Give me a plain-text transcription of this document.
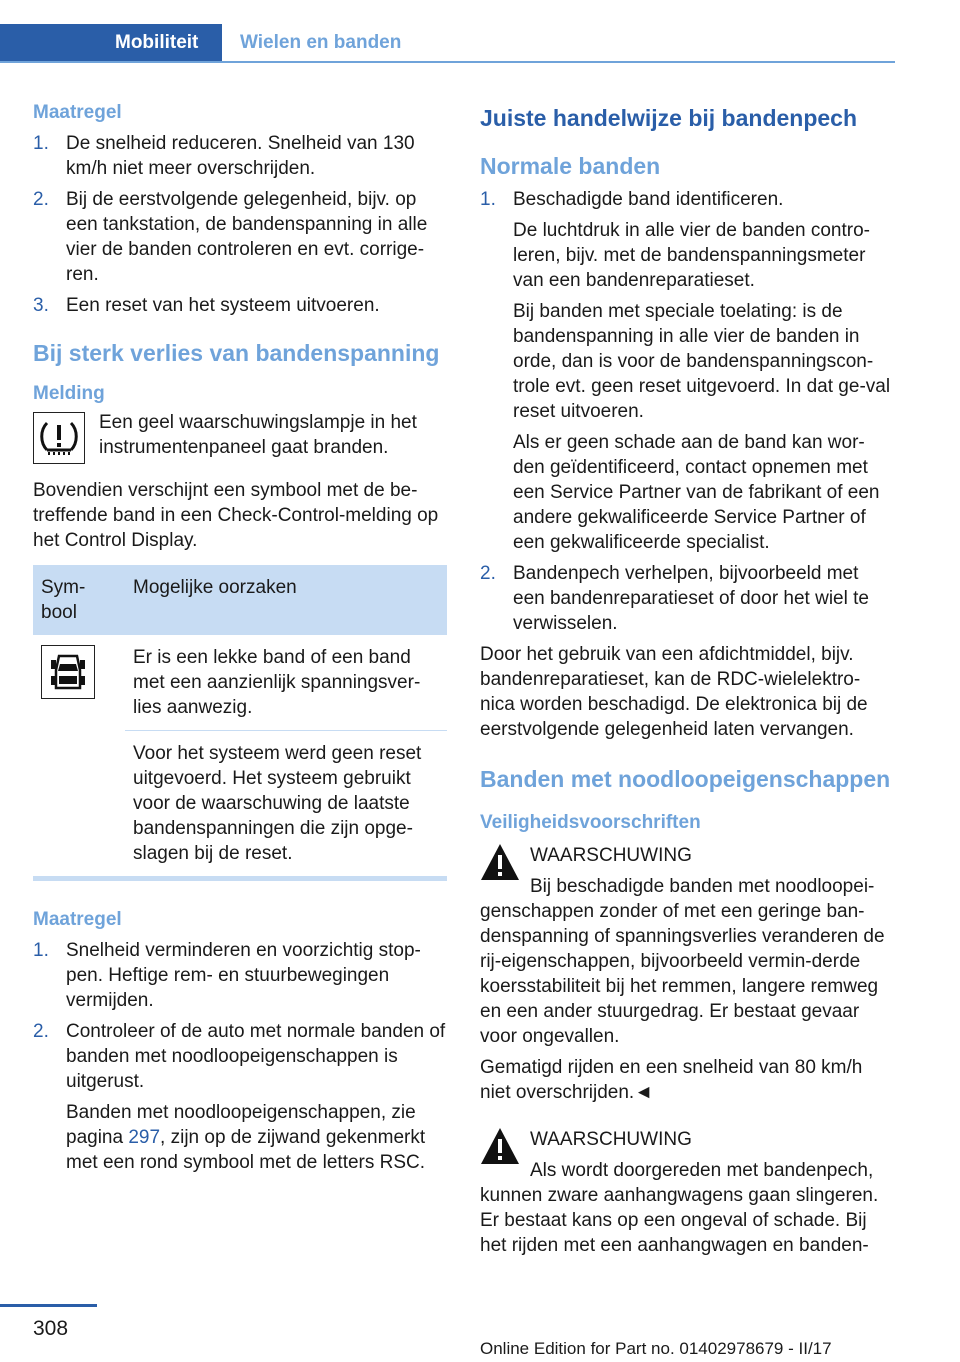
Mobiliteit	Wielen en banden
Maatregel
1. De snelheid reduceren. Snelheid van 130 km/h niet meer overschrijden.

2. Bij de eerstvolgende gelegenheid, bijv. op een tankstation, de bandenspanning in alle vier de banden controleren en evt. corrige-ren.

3. Een reset van het systeem uitvoeren.

Bij sterk verlies van bandenspanning
Melding

Een geel waarschuwingslampje in het instrumentenpaneel gaat branden.

Bovendien verschijnt een symbool met de be-treffende band in een Check-Control-melding op het Control Display.

Sym-bool	Mogelijke oorzaken

	Er is een lekke band of een band met een aanzienlijk spanningsver-lies aanwezig.
	Voor het systeem werd geen reset uitgevoerd. Het systeem gebruikt voor de waarschuwing de laatste bandenspanningen die zijn opge-slagen bij de reset.
Maatregel
1. Snelheid verminderen en voorzichtig stop-pen. Heftige rem- en stuurbewegingen vermijden.

2. Controleer of de auto met normale banden of banden met noodloopeigenschappen is uitgerust.

Banden met noodloopeigenschappen, zie pagina 297, zijn op de zijwand gekenmerkt met een rond symbool met de letters RSC.

Juiste handelwijze bij bandenpech
Normale banden
1. Beschadigde band identificeren.

De luchtdruk in alle vier de banden contro-leren, bijv. met de bandenspanningsmeter van een bandenreparatieset.

Bij banden met speciale toelating: is de bandenspanning in alle vier de banden in orde, dan is voor de bandenspanningscon-trole evt. geen reset uitgevoerd. In dat ge-val reset uitvoeren.

Als er geen schade aan de band kan wor-den geïdentificeerd, contact opnemen met een Service Partner van de fabrikant of een andere gekwalificeerde Service Partner of een gekwalificeerde specialist.

2. Bandenpech verhelpen, bijvoorbeeld met een bandenreparatieset of door het wiel te verwisselen.

Door het gebruik van een afdichtmiddel, bijv. bandenreparatieset, kan de RDC-wielelektro-nica worden beschadigd. De elektronica bij de eerstvolgende gelegenheid laten vervangen.

Banden met noodloopeigenschappen
Veiligheidsvoorschriften

WAARSCHUWING

Bij beschadigde banden met noodloopei-genschappen zonder of met een geringe ban-denspanning of spanningsverlies veranderen de rij-eigenschappen, bijvoorbeeld vermin-derde koersstabiliteit bij het remmen, langere remweg en een ander stuurgedrag. Er bestaat gevaar voor ongevallen.

Gematigd rijden en een snelheid van 80 km/h niet overschrijden.◄

WAARSCHUWING

Als wordt doorgereden met bandenpech, kunnen zware aanhangwagens gaan slingeren. Er bestaat kans op een ongeval of schade. Bij het rijden met een aanhangwagen en banden-

308
Online Edition for Part no. 01402978679 - II/17
